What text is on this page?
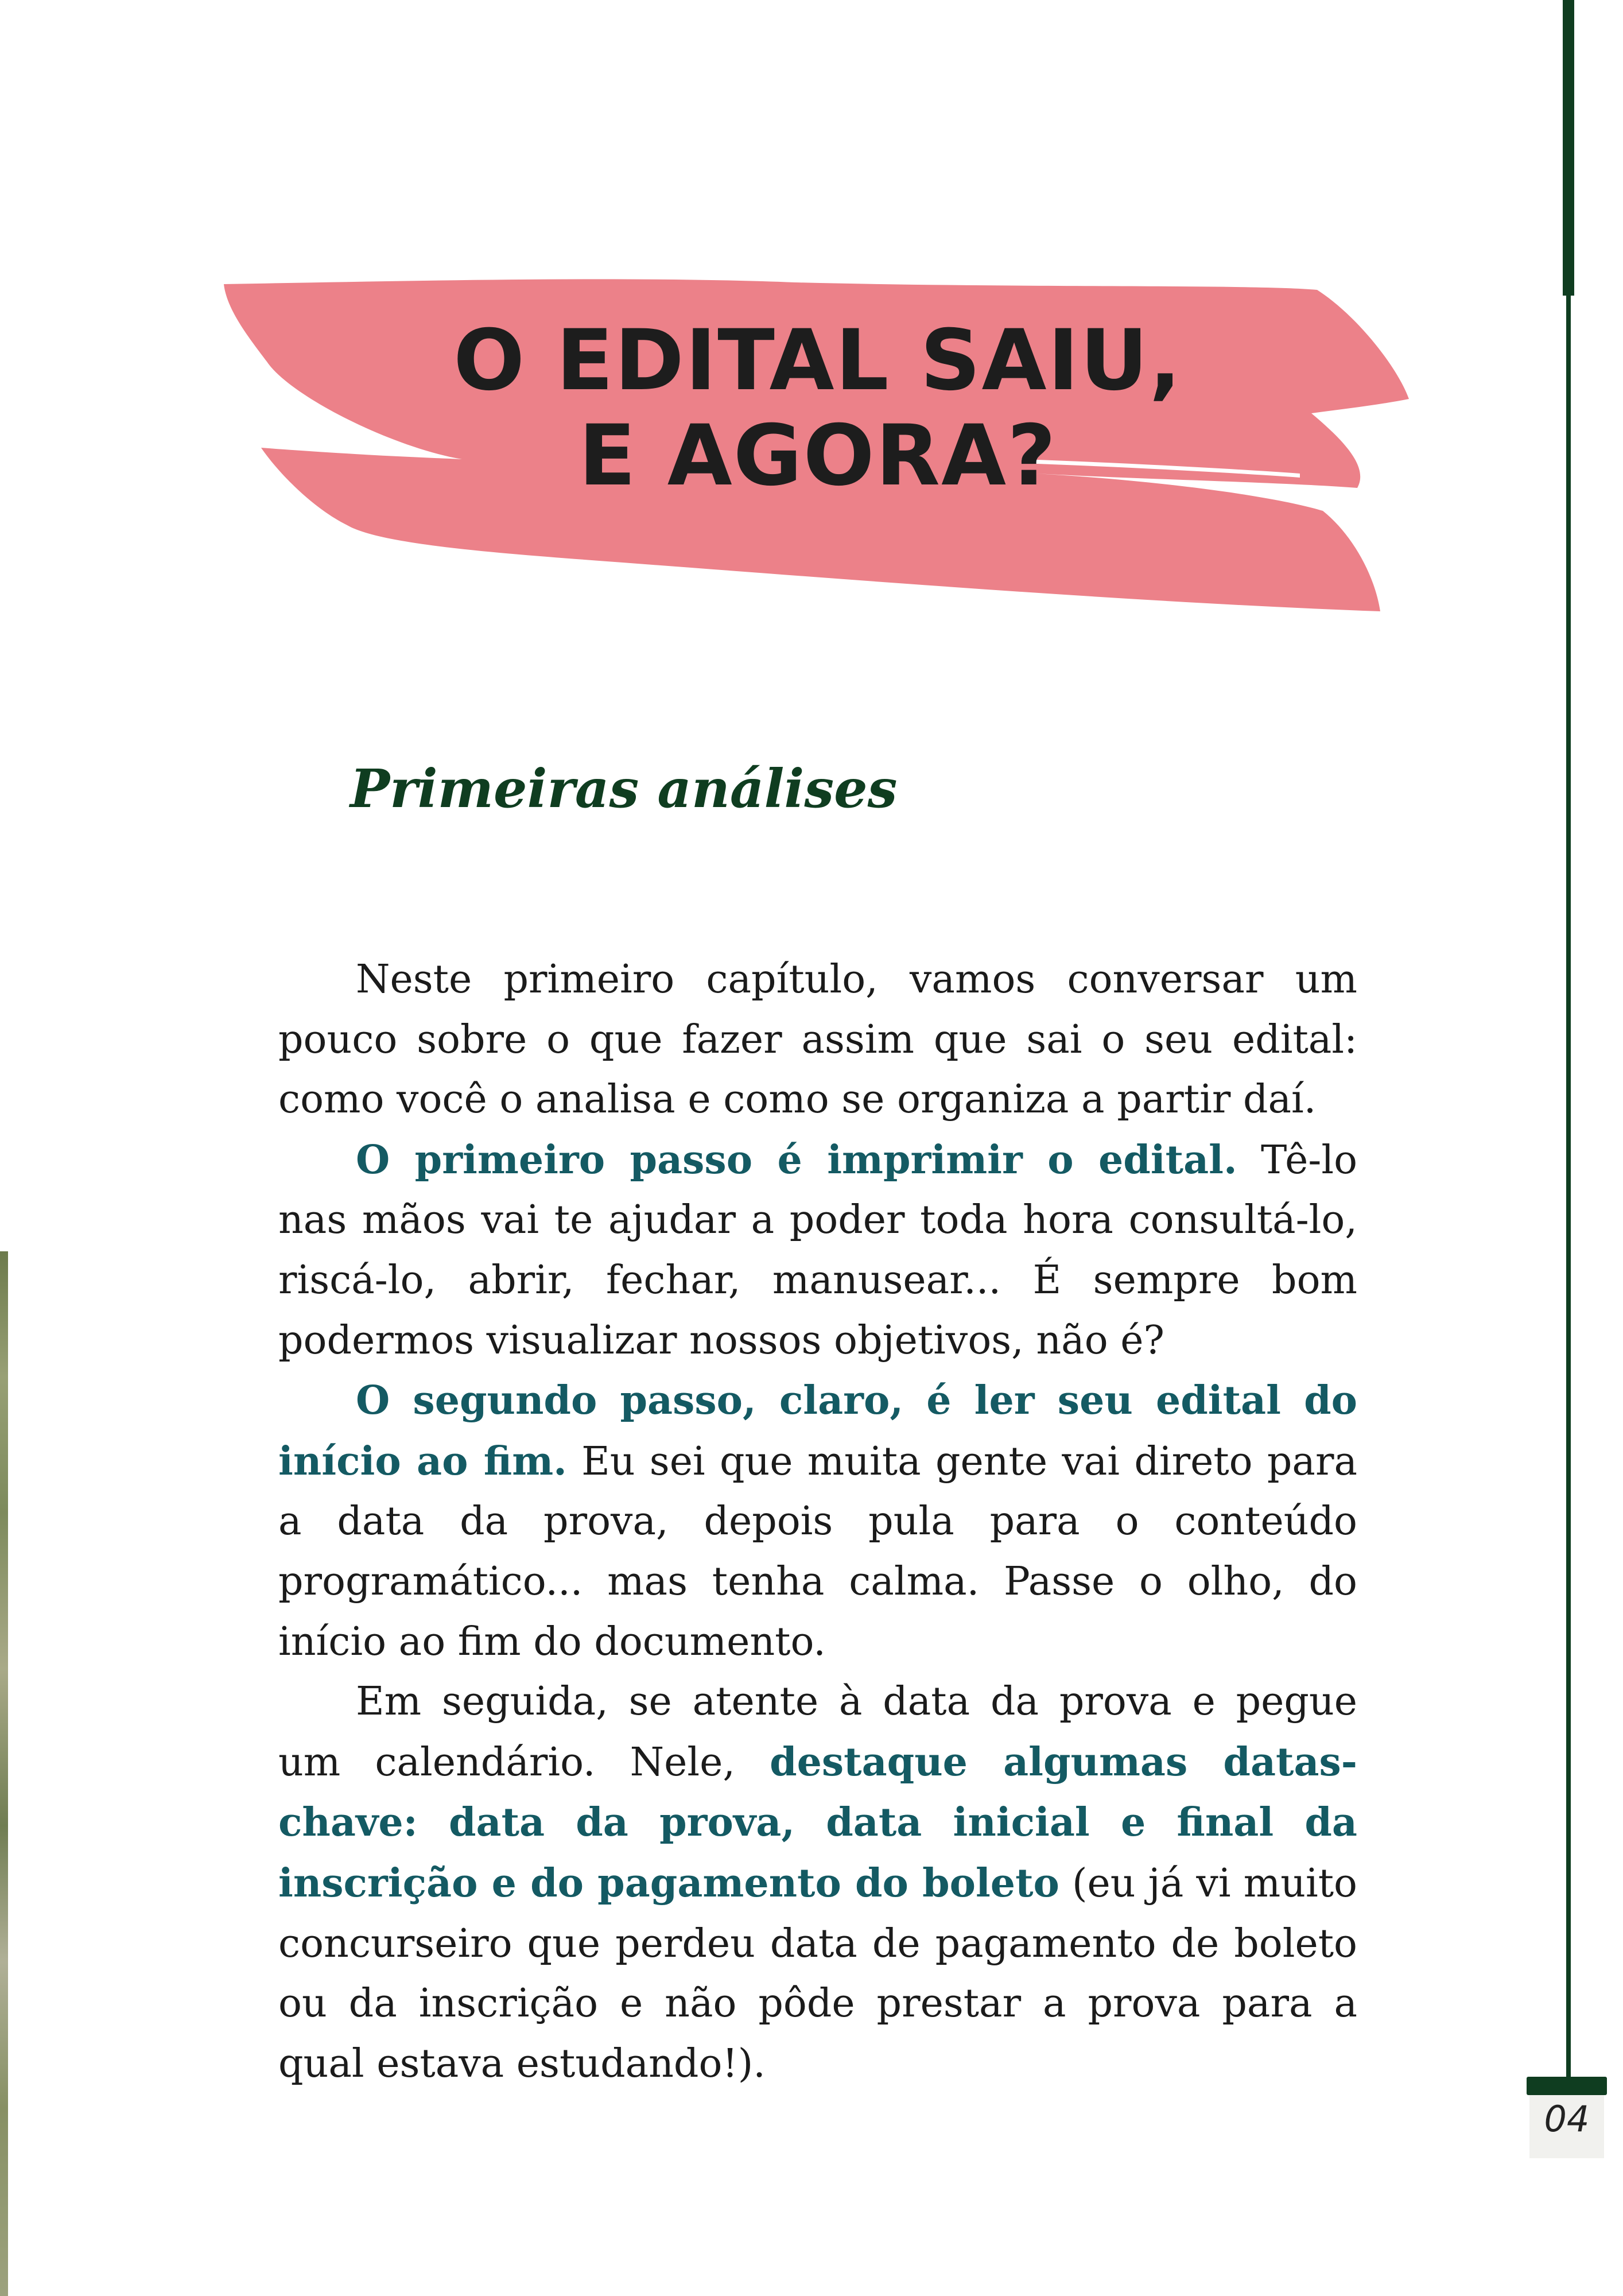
O EDITAL SAIU,
E AGORA?
Primeiras análises

Neste primeiro capítulo, vamos conversar um pouco sobre o que fazer assim que sai o seu edital: como você o analisa e como se organiza a partir daí.

O primeiro passo é imprimir o edital. Tê-lo nas mãos vai te ajudar a poder toda hora consultá-lo, riscá-lo, abrir, fechar, manusear... É sempre bom podermos visualizar nossos objetivos, não é?

O segundo passo, claro, é ler seu edital do início ao fim. Eu sei que muita gente vai direto para a data da prova, depois pula para o conteúdo programático... mas tenha calma. Passe o olho, do início ao fim do documento.

Em seguida, se atente à data da prova e pegue um calendário. Nele, destaque algumas datas-chave: data da prova, data inicial e final da inscrição e do pagamento do boleto (eu já vi muito concurseiro que perdeu data de pagamento de boleto ou da inscrição e não pôde prestar a prova para a qual estava estudando!).

04
